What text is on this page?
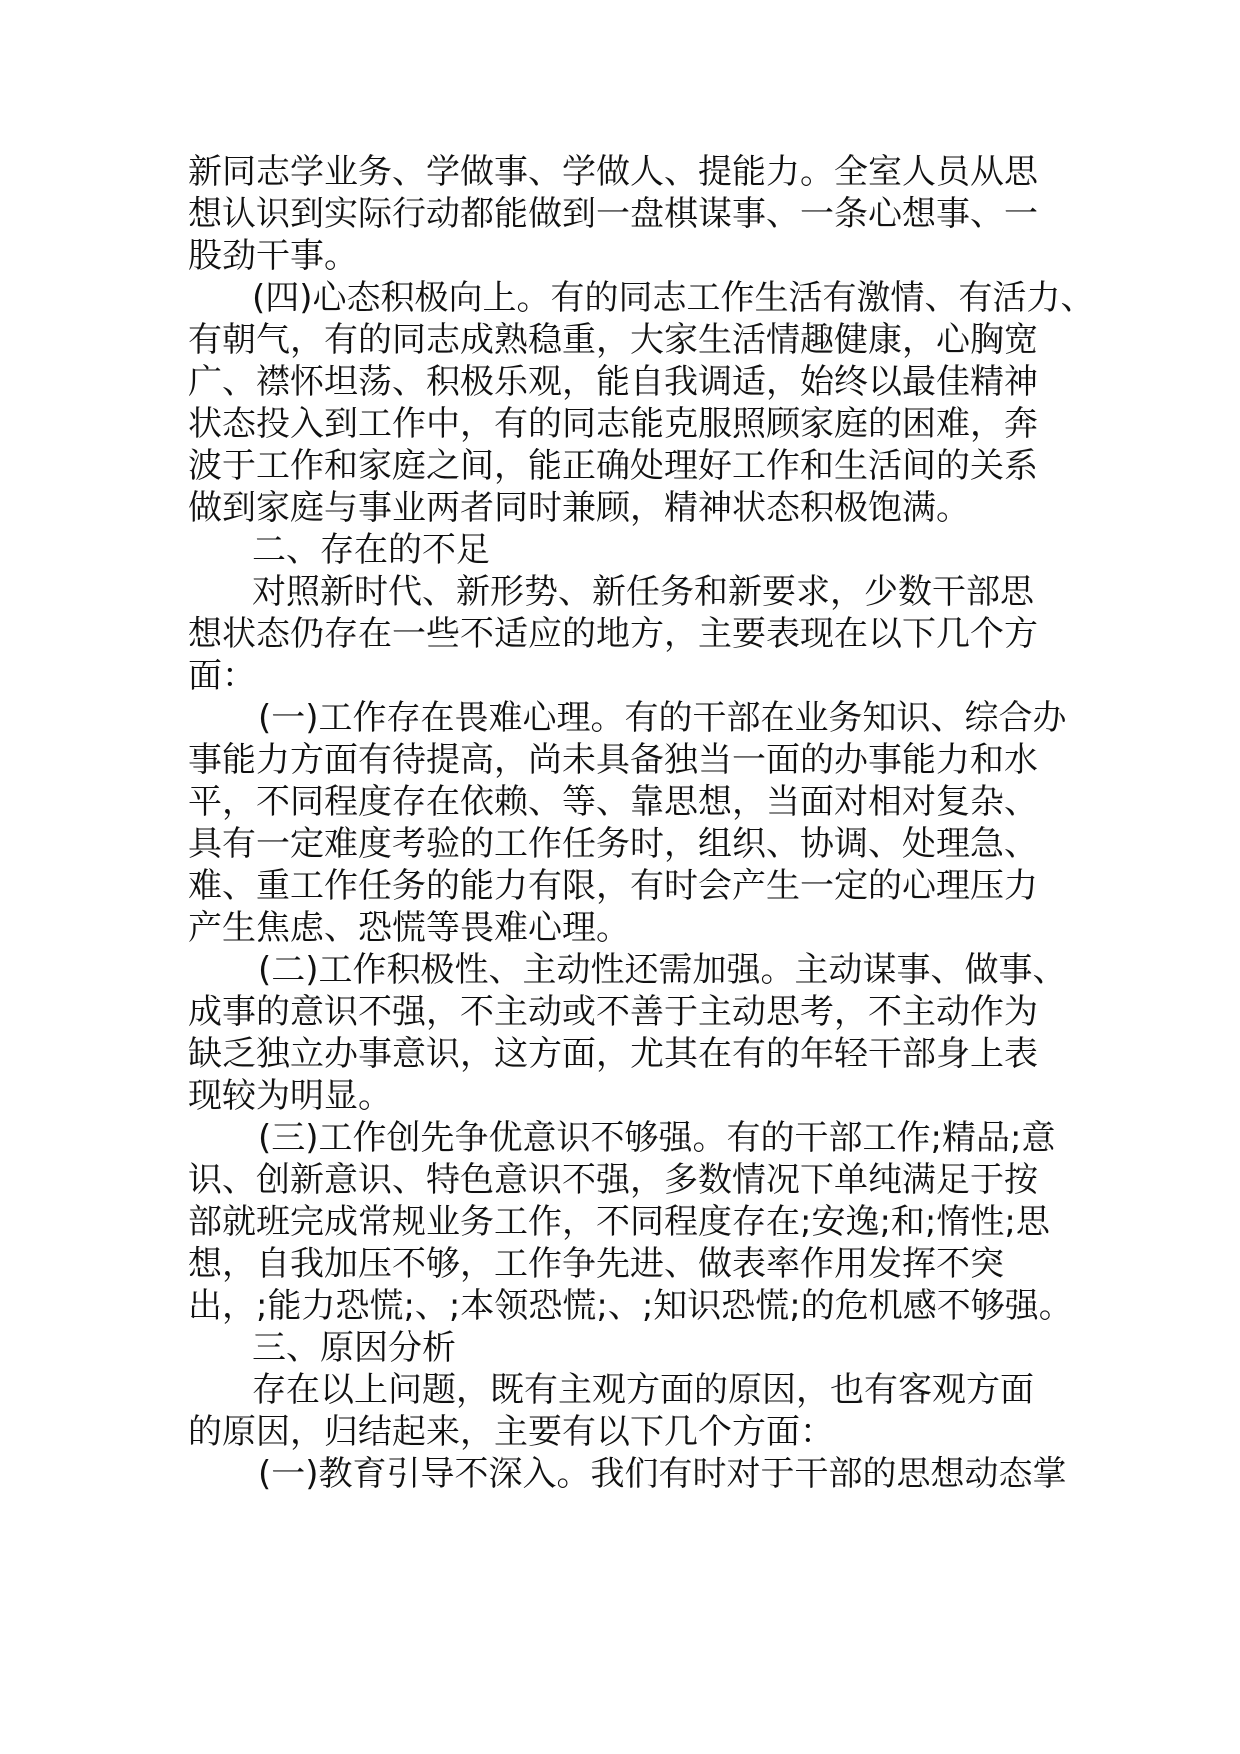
新同志学业务、学做事、学做人、提能力。全室人员从思
想认识到实际行动都能做到一盘棋谋事、一条心想事、一
股劲干事。
(四)心态积极向上。有的同志工作生活有激情、有活力、
有朝气，有的同志成熟稳重，大家生活情趣健康，心胸宽
广、襟怀坦荡、积极乐观，能自我调适，始终以最佳精神
状态投入到工作中，有的同志能克服照顾家庭的困难，奔
波于工作和家庭之间，能正确处理好工作和生活间的关系
做到家庭与事业两者同时兼顾，精神状态积极饱满。
二、存在的不足
对照新时代、新形势、新任务和新要求，少数干部思
想状态仍存在一些不适应的地方，主要表现在以下几个方
面：
(一)工作存在畏难心理。有的干部在业务知识、综合办
事能力方面有待提高，尚未具备独当一面的办事能力和水
平，不同程度存在依赖、等、靠思想，当面对相对复杂、
具有一定难度考验的工作任务时，组织、协调、处理急、
难、重工作任务的能力有限，有时会产生一定的心理压力
产生焦虑、恐慌等畏难心理。
(二)工作积极性、主动性还需加强。主动谋事、做事、
成事的意识不强，不主动或不善于主动思考，不主动作为
缺乏独立办事意识，这方面，尤其在有的年轻干部身上表
现较为明显。
(三)工作创先争优意识不够强。有的干部工作;精品;意
识、创新意识、特色意识不强，多数情况下单纯满足于按
部就班完成常规业务工作，不同程度存在;安逸;和;惰性;思
想，自我加压不够，工作争先进、做表率作用发挥不突
出，;能力恐慌;、;本领恐慌;、;知识恐慌;的危机感不够强。
三、原因分析
存在以上问题，既有主观方面的原因，也有客观方面
的原因，归结起来，主要有以下几个方面：
(一)教育引导不深入。我们有时对于干部的思想动态掌
